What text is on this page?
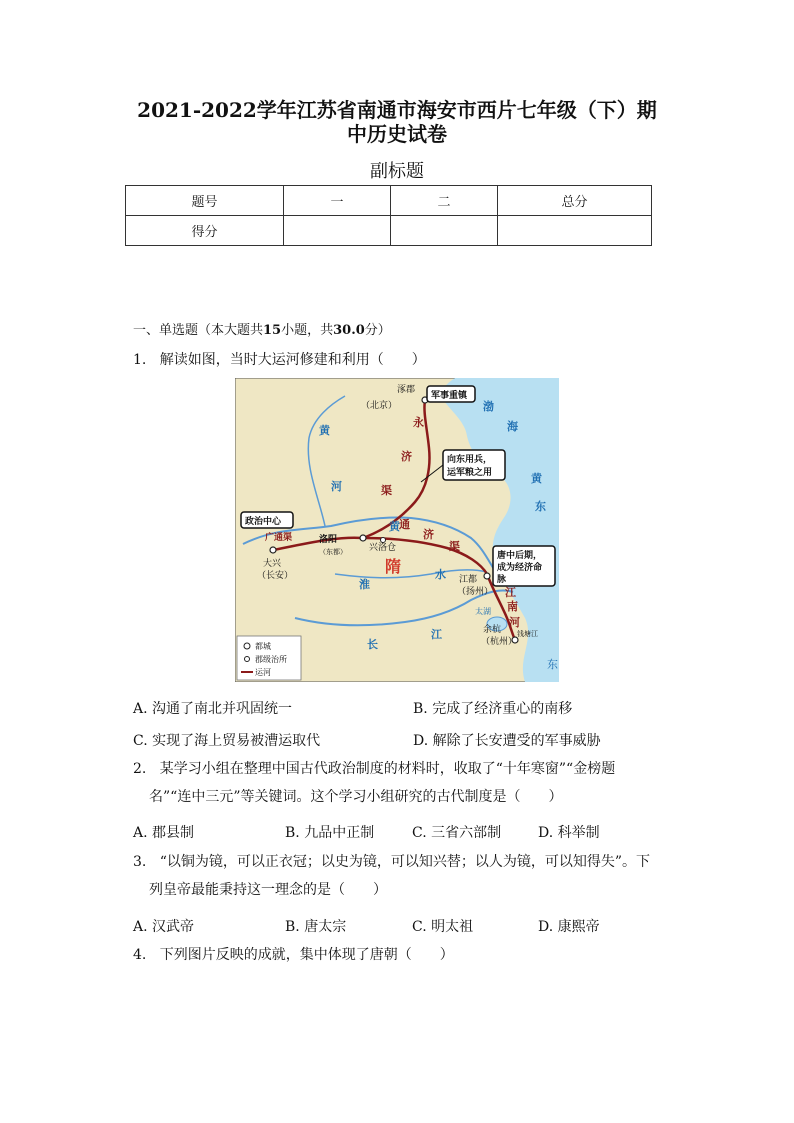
2021-2022学年江苏省南通市海安市西片七年级（下）期
中历史试卷
副标题
题号	一	二	总分
得分			
一、单选题（本大题共15小题，共30.0分）
1. 解读如图，当时大运河修建和利用（　　）
涿郡
（北京）
洛阳
（东都） 兴洛仓
大兴
（长安）	江都
（扬州）
余杭
（杭州）
钱塘江
太湖
隋
渤
海
黄
东
黄
河
黄
淮
水
长
江
永
济
渠
通
济
渠
广通渠
江
南
河
东
军事重镇
向东用兵，
运军粮之用
政治中心
唐中后期，
成为经济命
脉
都城
郡级治所
运河
A. 沟通了南北并巩固统一	B. 完成了经济重心的南移
C. 实现了海上贸易被漕运取代	D. 解除了长安遭受的军事威胁
2. 某学习小组在整理中国古代政治制度的材料时，收取了“十年寒窗”“金榜题
名”“连中三元”等关键词。这个学习小组研究的古代制度是（　　）
A. 郡县制	B. 九品中正制	C. 三省六部制	D. 科举制
3. “以铜为镜，可以正衣冠；以史为镜，可以知兴替；以人为镜，可以知得失”。下
列皇帝最能秉持这一理念的是（　　）
A. 汉武帝	B. 唐太宗	C. 明太祖	D. 康熙帝
4. 下列图片反映的成就，集中体现了唐朝（　　）
